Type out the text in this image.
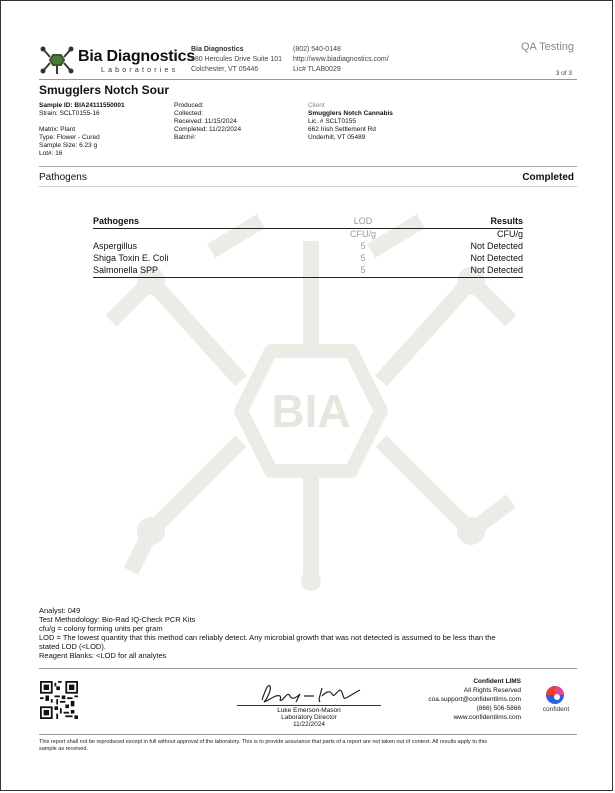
BIA
Bia Diagnostics
Laboratories
Bia Diagnostics
480 Hercules Drive Suite 101
Colchester, VT 05446
(802) 540-0148
http://www.biadiagnostics.com/
Lic# TLAB0029
QA Testing
3 of 3
Smugglers Notch Sour
Sample ID: BIA24111550001
Strain: SCLT0155-16
Matrix: Plant
Type: Flower - Cured
Sample Size: 6.23 g
Lot#: 16
Produced:
Collected:
Received: 11/15/2024
Completed: 11/22/2024
Batch#:
Client
Smugglers Notch Cannabis
Lic. # SCLT0155
662 Irish Settlement Rd
Underhill, VT 05489
Pathogens	Completed
Pathogens	LOD	Results
	CFU/g	CFU/g
Aspergillus	5	Not Detected
Shiga Toxin E. Coli	5	Not Detected
Salmonella SPP	5	Not Detected
Analyst: 049
Test Methodology: Bio-Rad IQ-Check PCR Kits
cfu/g = colony forming units per gram
LOD = The lowest quantity that this method can reliably detect. Any microbial growth that was not detected is assumed to be less than the
stated LOD (<LOD).
Reagent Blanks: <LOD for all analytes
Luke Emerson-Mason
Laboratory Director
11/22/2024
Confident LIMS
All Rights Reserved
coa.support@confidentlims.com
(866) 506-5866
www.confidentlims.com
confident
This report shall not be reproduced except in full without approval of the laboratory. This is to provide assurance that parts of a report are not taken out of context. All results apply to this
sample as received.
